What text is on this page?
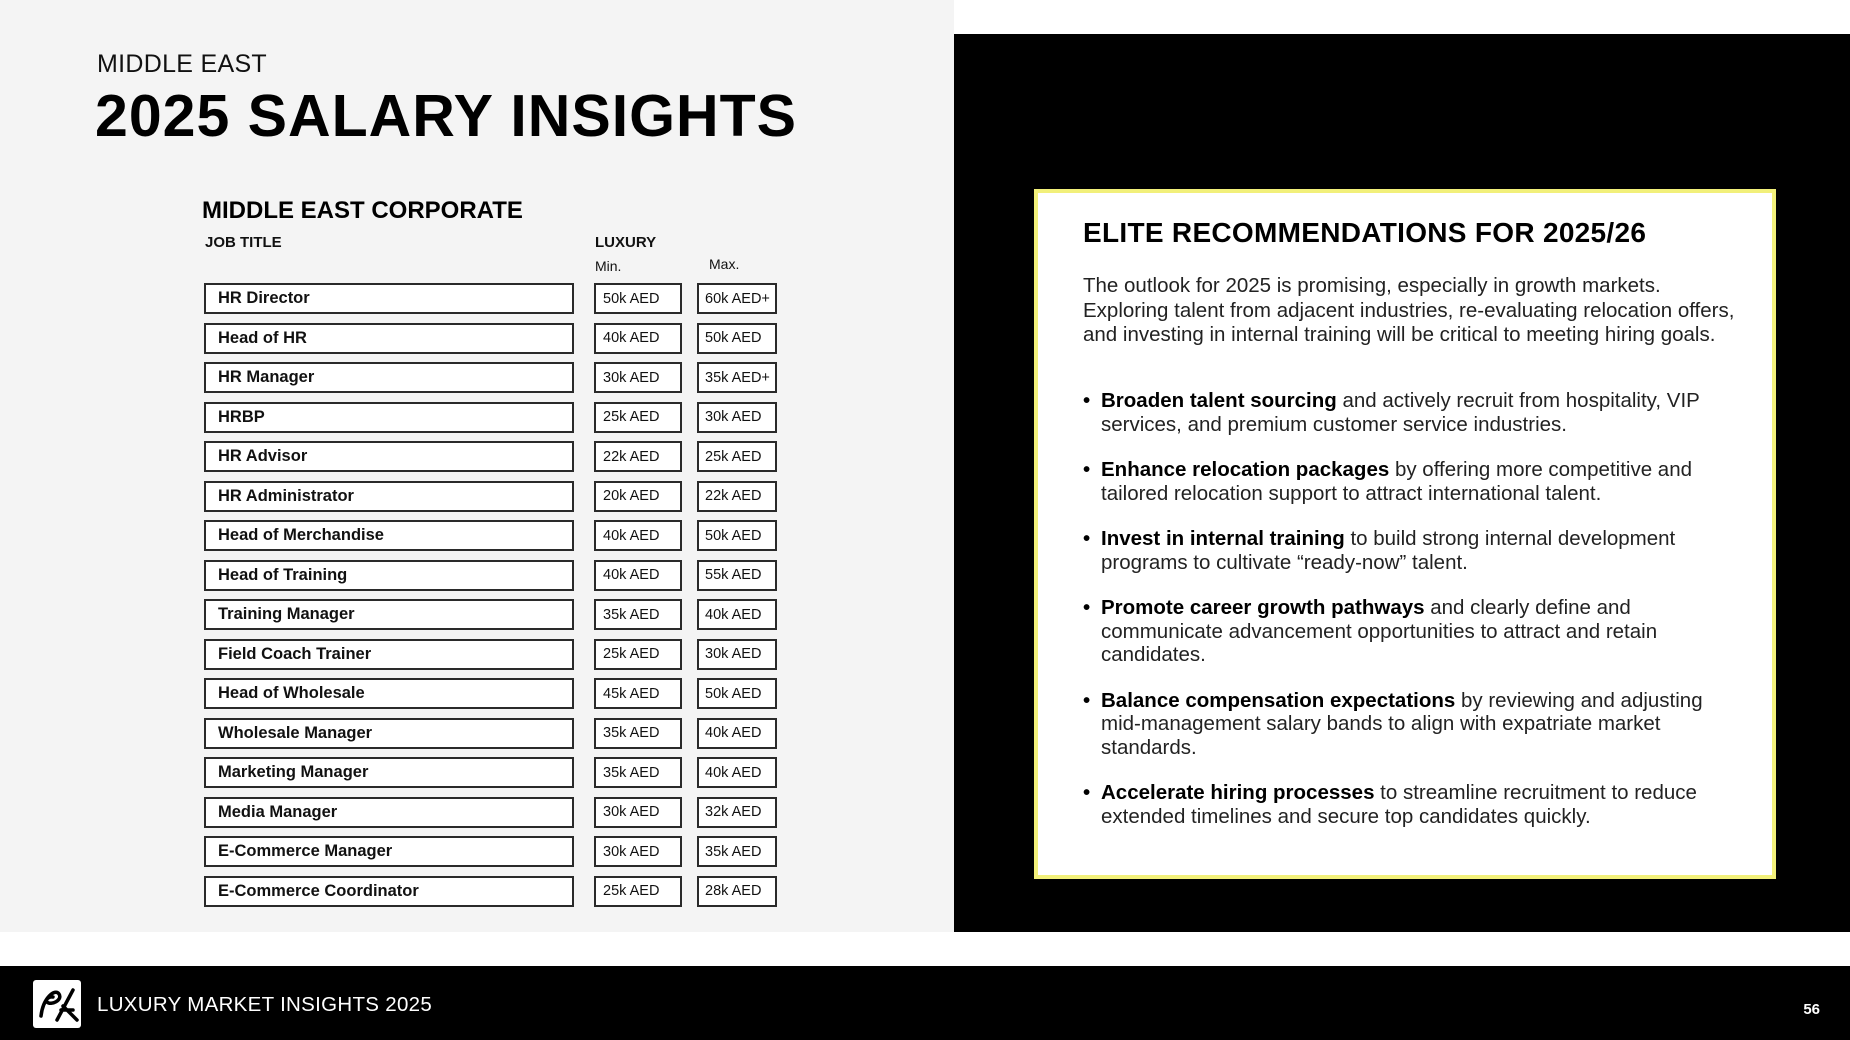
MIDDLE EAST
2025 SALARY INSIGHTS
MIDDLE EAST CORPORATE
JOB TITLE	LUXURY
Min.	Max.
HR Director	50k AED	60k AED+
Head of HR	40k AED	50k AED
HR Manager	30k AED	35k AED+
HRBP	25k AED	30k AED
HR Advisor	22k AED	25k AED
HR Administrator	20k AED	22k AED
Head of Merchandise	40k AED	50k AED
Head of Training	40k AED	55k AED
Training Manager	35k AED	40k AED
Field Coach Trainer	25k AED	30k AED
Head of Wholesale	45k AED	50k AED
Wholesale Manager	35k AED	40k AED
Marketing Manager	35k AED	40k AED
Media Manager	30k AED	32k AED
E-Commerce Manager	30k AED	35k AED
E-Commerce Coordinator	25k AED	28k AED
ELITE RECOMMENDATIONS FOR 2025/26
The outlook for 2025 is promising, especially in growth markets. Exploring talent from adjacent industries, re-evaluating relocation offers, and investing in internal training will be critical to meeting hiring goals.
• Broaden talent sourcing and actively recruit from hospitality, VIP services, and premium customer service industries.
• Enhance relocation packages by offering more competitive and tailored relocation support to attract international talent.
• Invest in internal training to build strong internal development programs to cultivate “ready-now” talent.
• Promote career growth pathways and clearly define and communicate advancement opportunities to attract and retain candidates.
• Balance compensation expectations by reviewing and adjusting mid-management salary bands to align with expatriate market standards.
• Accelerate hiring processes to streamline recruitment to reduce extended timelines and secure top candidates quickly.
LUXURY MARKET INSIGHTS 2025	56
